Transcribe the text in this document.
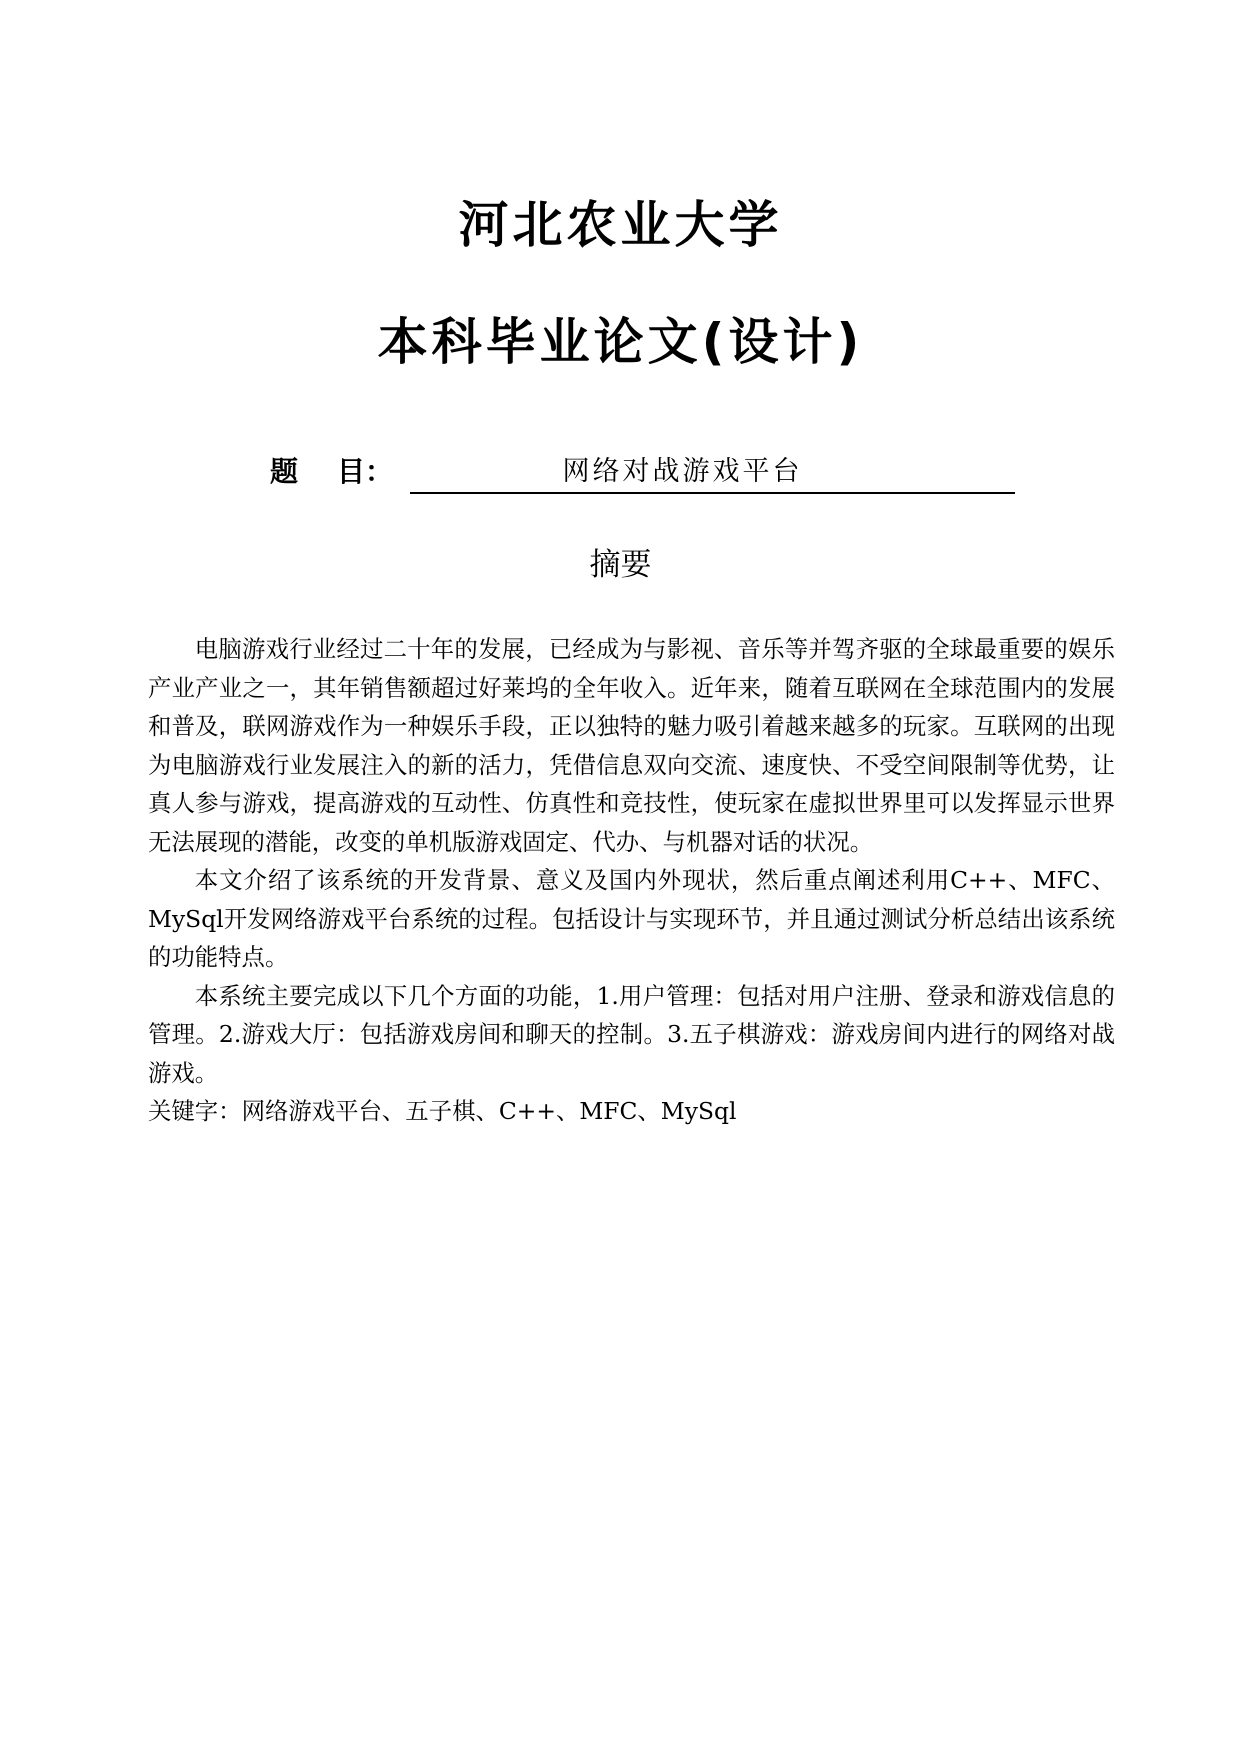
河北农业大学
本科毕业论文(设计)
题    目：	网络对战游戏平台
摘要

电脑游戏行业经过二十年的发展，已经成为与影视、音乐等并驾齐驱的全球最重要的娱乐产业产业之一，其年销售额超过好莱坞的全年收入。近年来，随着互联网在全球范围内的发展和普及，联网游戏作为一种娱乐手段，正以独特的魅力吸引着越来越多的玩家。互联网的出现为电脑游戏行业发展注入的新的活力，凭借信息双向交流、速度快、不受空间限制等优势，让真人参与游戏，提高游戏的互动性、仿真性和竞技性，使玩家在虚拟世界里可以发挥显示世界无法展现的潜能，改变的单机版游戏固定、代办、与机器对话的状况。

本文介绍了该系统的开发背景、意义及国内外现状，然后重点阐述利用C++、MFC、MySql开发网络游戏平台系统的过程。包括设计与实现环节，并且通过测试分析总结出该系统的功能特点。

本系统主要完成以下几个方面的功能，1.用户管理：包括对用户注册、登录和游戏信息的管理。2.游戏大厅：包括游戏房间和聊天的控制。3.五子棋游戏：游戏房间内进行的网络对战游戏。

关键字：网络游戏平台、五子棋、C++、MFC、MySql
